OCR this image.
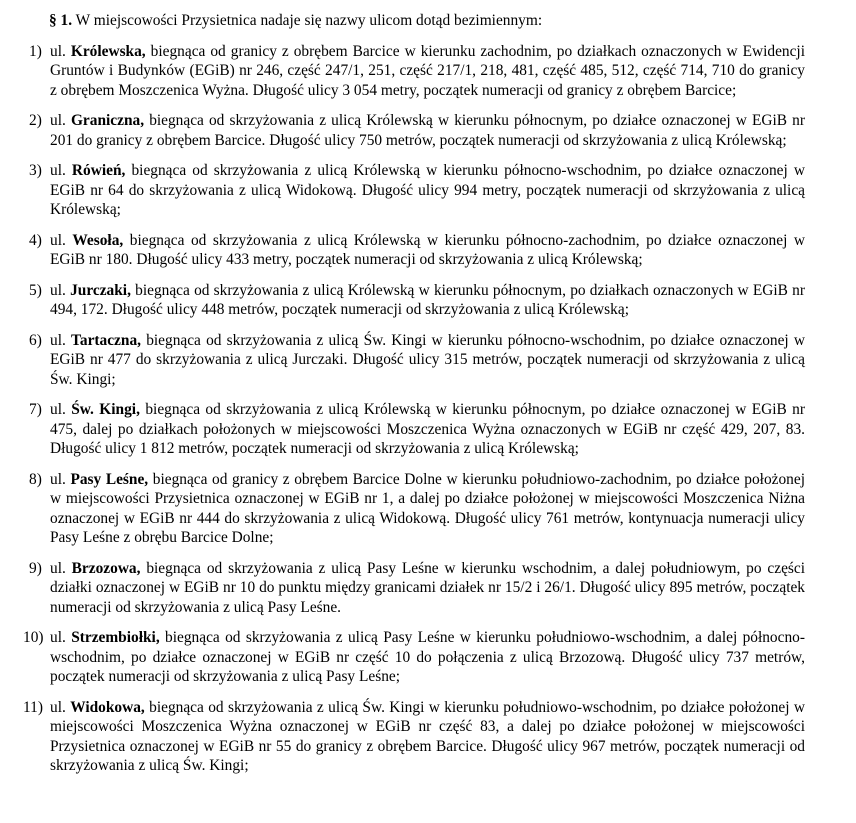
§ 1. W miejscowości Przysietnica nadaje się nazwy ulicom dotąd bezimiennym:

1) ul. Królewska, biegnąca od granicy z obrębem Barcice w kierunku zachodnim, po działkach oznaczonych w Ewidencji Gruntów i Budynków (EGiB) nr 246, część 247/1, 251, część 217/1, 218, 481, część 485, 512, część 714, 710 do granicy z obrębem Moszczenica Wyżna. Długość ulicy 3 054 metry, początek numeracji od granicy z obrębem Barcice;
2) ul. Graniczna, biegnąca od skrzyżowania z ulicą Królewską w kierunku północnym, po działce oznaczonej w EGiB nr 201 do granicy z obrębem Barcice. Długość ulicy 750 metrów, początek numeracji od skrzyżowania z ulicą Królewską;
3) ul. Rówień, biegnąca od skrzyżowania z ulicą Królewską w kierunku północno-wschodnim, po działce oznaczonej w EGiB nr 64 do skrzyżowania z ulicą Widokową. Długość ulicy 994 metry, początek numeracji od skrzyżowania z ulicą Królewską;
4) ul. Wesoła, biegnąca od skrzyżowania z ulicą Królewską w kierunku północno-zachodnim, po działce oznaczonej w EGiB nr 180. Długość ulicy 433 metry, początek numeracji od skrzyżowania z ulicą Królewską;
5) ul. Jurczaki, biegnąca od skrzyżowania z ulicą Królewską w kierunku północnym, po działkach oznaczonych w EGiB nr 494, 172. Długość ulicy 448 metrów, początek numeracji od skrzyżowania z ulicą Królewską;
6) ul. Tartaczna, biegnąca od skrzyżowania z ulicą Św. Kingi w kierunku północno-wschodnim, po działce oznaczonej w EGiB nr 477 do skrzyżowania z ulicą Jurczaki. Długość ulicy 315 metrów, początek numeracji od skrzyżowania z ulicą Św. Kingi;
7) ul. Św. Kingi, biegnąca od skrzyżowania z ulicą Królewską w kierunku północnym, po działce oznaczonej w EGiB nr 475, dalej po działkach położonych w miejscowości Moszczenica Wyżna oznaczonych w EGiB nr część 429, 207, 83. Długość ulicy 1 812 metrów, początek numeracji od skrzyżowania z ulicą Królewską;
8) ul. Pasy Leśne, biegnąca od granicy z obrębem Barcice Dolne w kierunku południowo-zachodnim, po działce położonej w miejscowości Przysietnica oznaczonej w EGiB nr 1, a dalej po działce położonej w miejscowości Moszczenica Niżna oznaczonej w EGiB nr 444 do skrzyżowania z ulicą Widokową. Długość ulicy 761 metrów, kontynuacja numeracji ulicy Pasy Leśne z obrębu Barcice Dolne;
9) ul. Brzozowa, biegnąca od skrzyżowania z ulicą Pasy Leśne w kierunku wschodnim, a dalej południowym, po części działki oznaczonej w EGiB nr 10 do punktu między granicami działek nr 15/2 i 26/1. Długość ulicy 895 metrów, początek numeracji od skrzyżowania z ulicą Pasy Leśne.
10) ul. Strzembiołki, biegnąca od skrzyżowania z ulicą Pasy Leśne w kierunku południowo-wschodnim, a dalej północno-wschodnim, po działce oznaczonej w EGiB nr część 10 do połączenia z ulicą Brzozową. Długość ulicy 737 metrów, początek numeracji od skrzyżowania z ulicą Pasy Leśne;
11) ul. Widokowa, biegnąca od skrzyżowania z ulicą Św. Kingi w kierunku południowo-wschodnim, po działce położonej w miejscowości Moszczenica Wyżna oznaczonej w EGiB nr część 83, a dalej po działce położonej w miejscowości Przysietnica oznaczonej w EGiB nr 55 do granicy z obrębem Barcice. Długość ulicy 967 metrów, początek numeracji od skrzyżowania z ulicą Św. Kingi;
